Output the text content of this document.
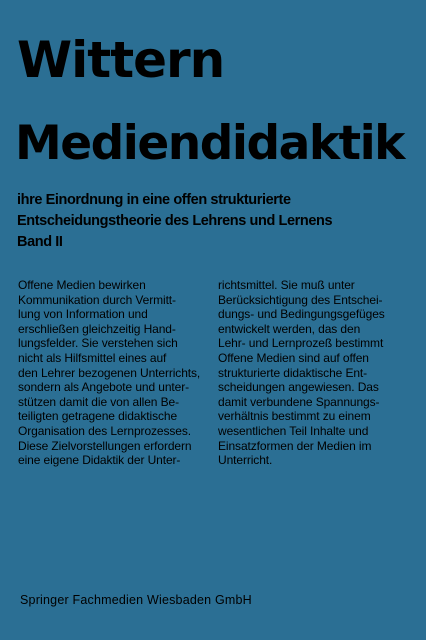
Wittern
Mediendidaktik
ihre Einordnung in eine offen strukturierte
Entscheidungstheorie des Lehrens und Lernens
Band II
Offene Medien bewirken
Kommunikation durch Vermitt-
lung von Information und
erschließen gleichzeitig Hand-
lungsfelder. Sie verstehen sich
nicht als Hilfsmittel eines auf
den Lehrer bezogenen Unterrichts,
sondern als Angebote und unter-
stützen damit die von allen Be-
teiligten getragene didaktische
Organisation des Lernprozesses.
Diese Zielvorstellungen erfordern
eine eigene Didaktik der Unter-
richtsmittel. Sie muß unter
Berücksichtigung des Entschei-
dungs- und Bedingungsgefüges
entwickelt werden, das den
Lehr- und Lernprozeß bestimmt
Offene Medien sind auf offen
strukturierte didaktische Ent-
scheidungen angewiesen. Das
damit verbundene Spannungs-
verhältnis bestimmt zu einem
wesentlichen Teil Inhalte und
Einsatzformen der Medien im
Unterricht.
Springer Fachmedien Wiesbaden GmbH
